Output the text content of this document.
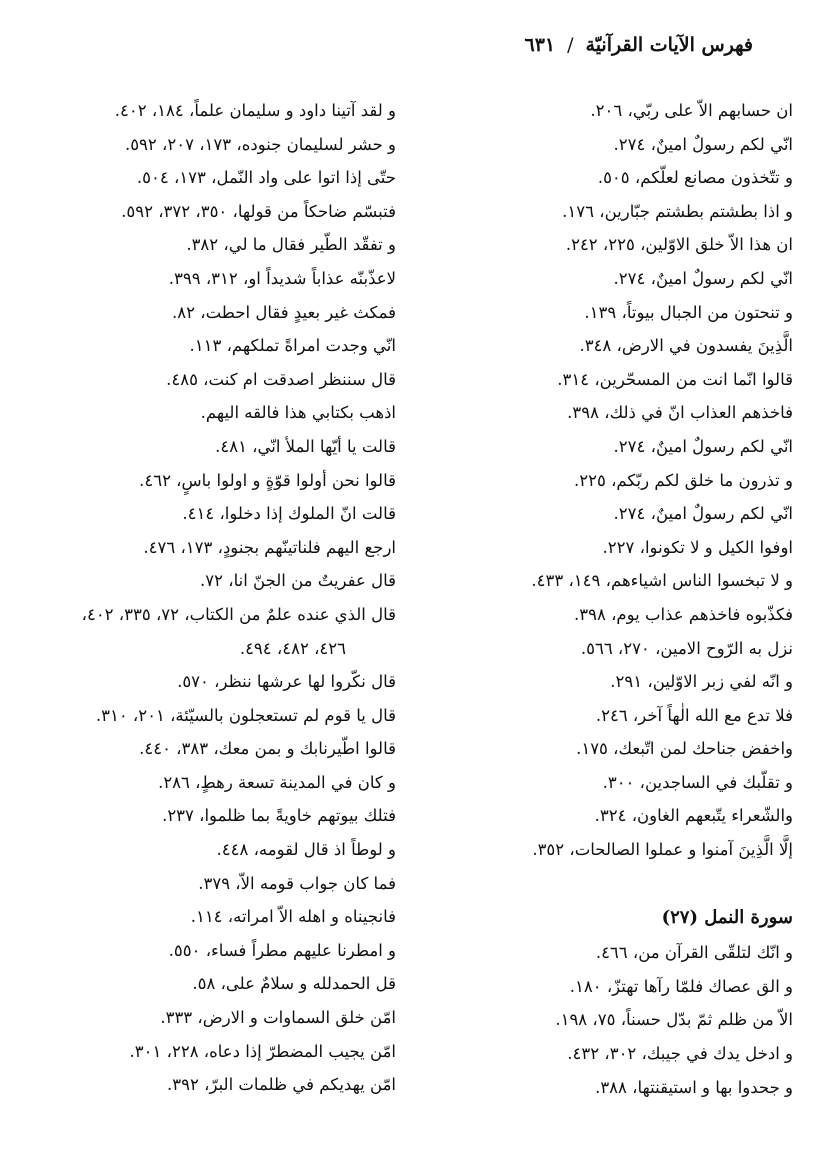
فهرس الآيات القرآنيّة/٦٣١
ان حسابهم الاّ على ربّي، ٢٠٦.
انّي لكم رسولٌ امينٌ، ٢٧٤.
و تتّخذون مصانع لعلّكم، ٥٠٥.
و اذا بطشتم بطشتم جبّارين، ١٧٦.
ان هذا الاّ خلق الاوّلين، ٢٢٥، ٢٤٢.
انّي لكم رسولٌ امينٌ، ٢٧٤.
و تنحتون من الجبال بيوتاً، ١٣٩.
الَّذِينَ يفسدون في الارض، ٣٤٨.
قالوا انّما انت من المسحّرين، ٣١٤.
فاخذهم العذاب انّ في ذلك، ٣٩٨.
انّي لكم رسولٌ امينٌ، ٢٧٤.
و تذرون ما خلق لكم ربّكم، ٢٢٥.
انّي لكم رسولٌ امينٌ، ٢٧٤.
اوفوا الكيل و لا تكونوا، ٢٢٧.
و لا تبخسوا الناس اشياءهم، ١٤٩، ٤٣٣.
فكذّبوه فاخذهم عذاب يوم، ٣٩٨.
نزل به الرّوح الامين، ٢٧٠، ٥٦٦.
و انّه لفي زبر الاوّلين، ٢٩١.
فلا تدع مع الله الٰهاً آخر، ٢٤٦.
واخفض جناحك لمن اتّبعك، ١٧٥.
و تقلّبك في الساجدين، ٣٠٠.
والشّعراء يتّبعهم الغاون، ٣٢٤.
إلَّا الَّذِينَ آمنوا و عملوا الصالحات، ٣٥٢.
سورة النمل (٢٧)
و انّك لتلقّى القرآن من، ٤٦٦.
و الق عصاك فلمّا رآها تهتزّ، ١٨٠.
الاّ من ظلم ثمّ بدّل حسناً، ٧٥، ١٩٨.
و ادخل يدك في جيبك، ٣٠٢، ٤٣٢.
و جحدوا بها و استيقنتها، ٣٨٨.
و لقد آتينا داود و سليمان علماً، ١٨٤، ٤٠٢.
و حشر لسليمان جنوده، ١٧٣، ٢٠٧، ٥٩٢.
حتّى إذا اتوا على واد النّمل، ١٧٣، ٥٠٤.
فتبسّم ضاحكاً من قولها، ٣٥٠، ٣٧٢، ٥٩٢.
و تفقّد الطّير فقال ما لي، ٣٨٢.
لاعذّبنّه عذاباً شديداً او، ٣١٢، ٣٩٩.
فمكث غير بعيدٍ فقال احطت، ٨٢.
انّي وجدت امراةً تملكهم، ١١٣.
قال سننظر اصدقت ام كنت، ٤٨٥.
اذهب بكتابي هذا فالقه اليهم.
قالت يا أيّها الملأ انّي، ٤٨١.
قالوا نحن أولوا قوّةٍ و اولوا باسٍ، ٤٦٢.
قالت انّ الملوك إذا دخلوا، ٤١٤.
ارجع اليهم فلناتينّهم بجنودٍ، ١٧٣، ٤٧٦.
قال عفريتٌ من الجنّ انا، ٧٢.
قال الذي عنده علمٌ من الكتاب، ٧٢، ٣٣٥، ٤٠٢،
٤٢٦، ٤٨٢، ٤٩٤.
قال نكّروا لها عرشها ننظر، ٥٧٠.
قال يا قوم لم تستعجلون بالسيّئة، ٢٠١، ٣١٠.
قالوا اطّيرنابك و بمن معك، ٣٨٣، ٤٤٠.
و كان في المدينة تسعة رهطٍ، ٢٨٦.
فتلك بيوتهم خاويةً بما ظلموا، ٢٣٧.
و لوطاً اذ قال لقومه، ٤٤٨.
فما كان جواب قومه الاّ، ٣٧٩.
فانجيناه و اهله الاّ امراته، ١١٤.
و امطرنا عليهم مطراً فساء، ٥٥٠.
قل الحمدلله و سلامٌ على، ٥٨.
امّن خلق السماوات و الارض، ٣٣٣.
امّن يجيب المضطرّ إذا دعاه، ٢٢٨، ٣٠١.
امّن يهديكم في ظلمات البرّ، ٣٩٢.
